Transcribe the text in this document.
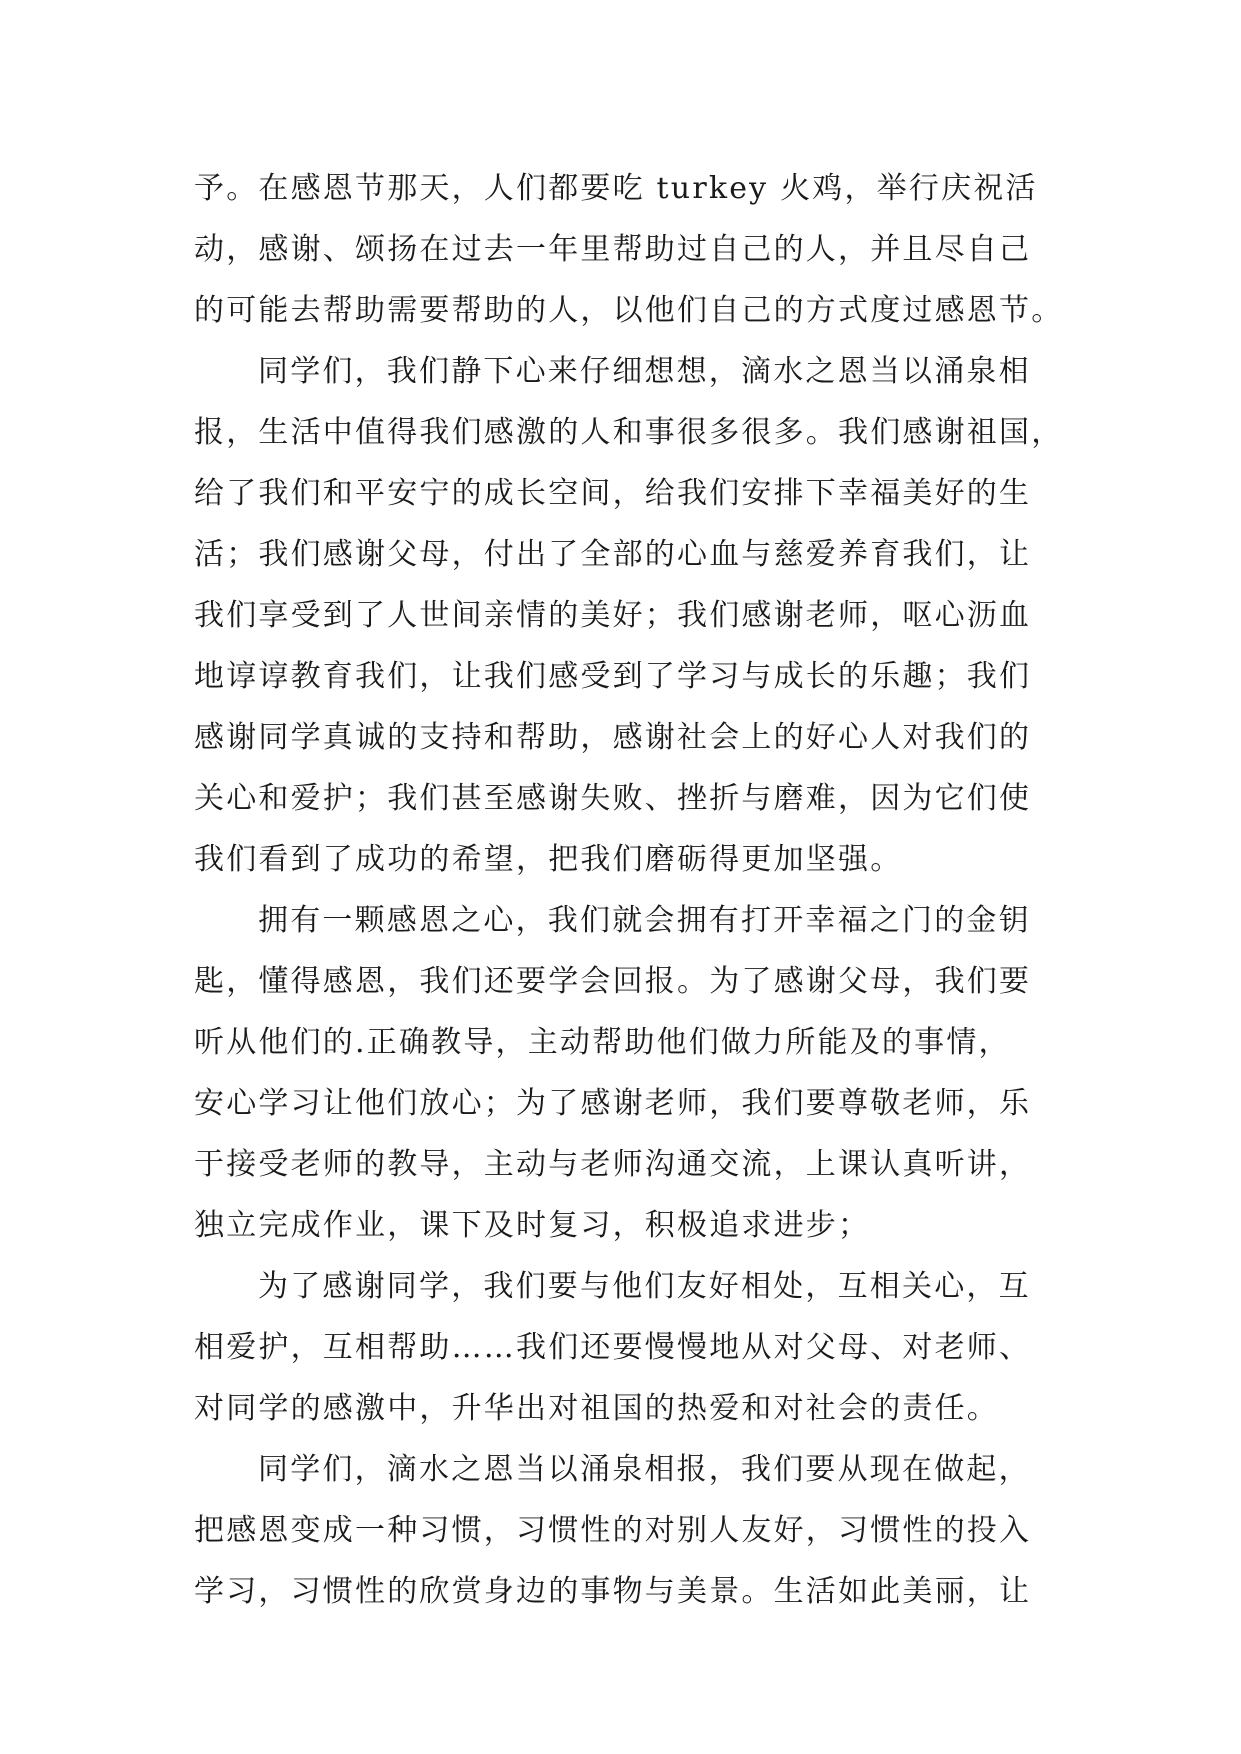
予。在感恩节那天，人们都要吃 turkey 火鸡，举行庆祝活
动，感谢、颂扬在过去一年里帮助过自己的人，并且尽自己
的可能去帮助需要帮助的人，以他们自己的方式度过感恩节。
同学们，我们静下心来仔细想想，滴水之恩当以涌泉相
报，生活中值得我们感激的人和事很多很多。我们感谢祖国，
给了我们和平安宁的成长空间，给我们安排下幸福美好的生
活；我们感谢父母，付出了全部的心血与慈爱养育我们，让
我们享受到了人世间亲情的美好；我们感谢老师，呕心沥血
地谆谆教育我们，让我们感受到了学习与成长的乐趣；我们
感谢同学真诚的支持和帮助，感谢社会上的好心人对我们的
关心和爱护；我们甚至感谢失败、挫折与磨难，因为它们使
我们看到了成功的希望，把我们磨砺得更加坚强。
拥有一颗感恩之心，我们就会拥有打开幸福之门的金钥
匙，懂得感恩，我们还要学会回报。为了感谢父母，我们要
听从他们的.正确教导，主动帮助他们做力所能及的事情，
安心学习让他们放心；为了感谢老师，我们要尊敬老师，乐
于接受老师的教导，主动与老师沟通交流，上课认真听讲，
独立完成作业，课下及时复习，积极追求进步；
为了感谢同学，我们要与他们友好相处，互相关心，互
相爱护，互相帮助……我们还要慢慢地从对父母、对老师、
对同学的感激中，升华出对祖国的热爱和对社会的责任。
同学们，滴水之恩当以涌泉相报，我们要从现在做起，
把感恩变成一种习惯，习惯性的对别人友好，习惯性的投入
学习，习惯性的欣赏身边的事物与美景。生活如此美丽，让
